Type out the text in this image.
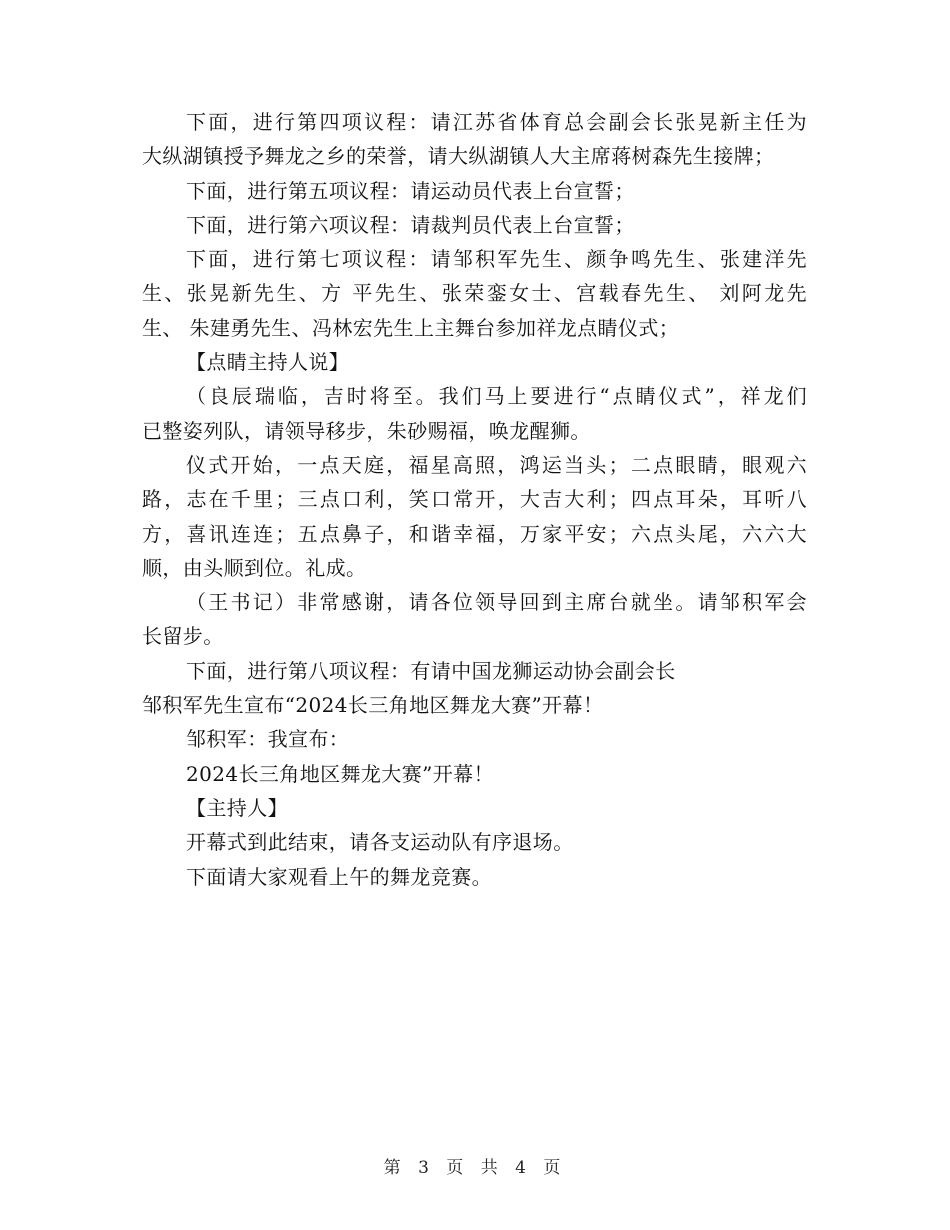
下面，进行第四项议程：请江苏省体育总会副会长张晃新主任为
大纵湖镇授予舞龙之乡的荣誉，请大纵湖镇人大主席蒋树森先生接牌；
下面，进行第五项议程：请运动员代表上台宣誓；
下面，进行第六项议程：请裁判员代表上台宣誓；
下面，进行第七项议程：请邹积军先生、颜争鸣先生、张建洋先
生、张晃新先生、方 平先生、张荣銮女士、宫载春先生、 刘阿龙先
生、 朱建勇先生、冯林宏先生上主舞台参加祥龙点睛仪式；
【点睛主持人说】
（良辰瑞临，吉时将至。我们马上要进行“点睛仪式”，祥龙们
已整姿列队，请领导移步，朱砂赐福，唤龙醒狮。
仪式开始，一点天庭，福星高照，鸿运当头；二点眼睛，眼观六
路，志在千里；三点口利，笑口常开，大吉大利；四点耳朵，耳听八
方，喜讯连连；五点鼻子，和谐幸福，万家平安；六点头尾，六六大
顺，由头顺到位。礼成。
（王书记）非常感谢，请各位领导回到主席台就坐。请邹积军会
长留步。
下面，进行第八项议程：有请中国龙狮运动协会副会长
邹积军先生宣布“2024长三角地区舞龙大赛”开幕！
邹积军：我宣布：
2024长三角地区舞龙大赛”开幕！
【主持人】
开幕式到此结束，请各支运动队有序退场。
下面请大家观看上午的舞龙竞赛。
第 3 页 共 4 页
